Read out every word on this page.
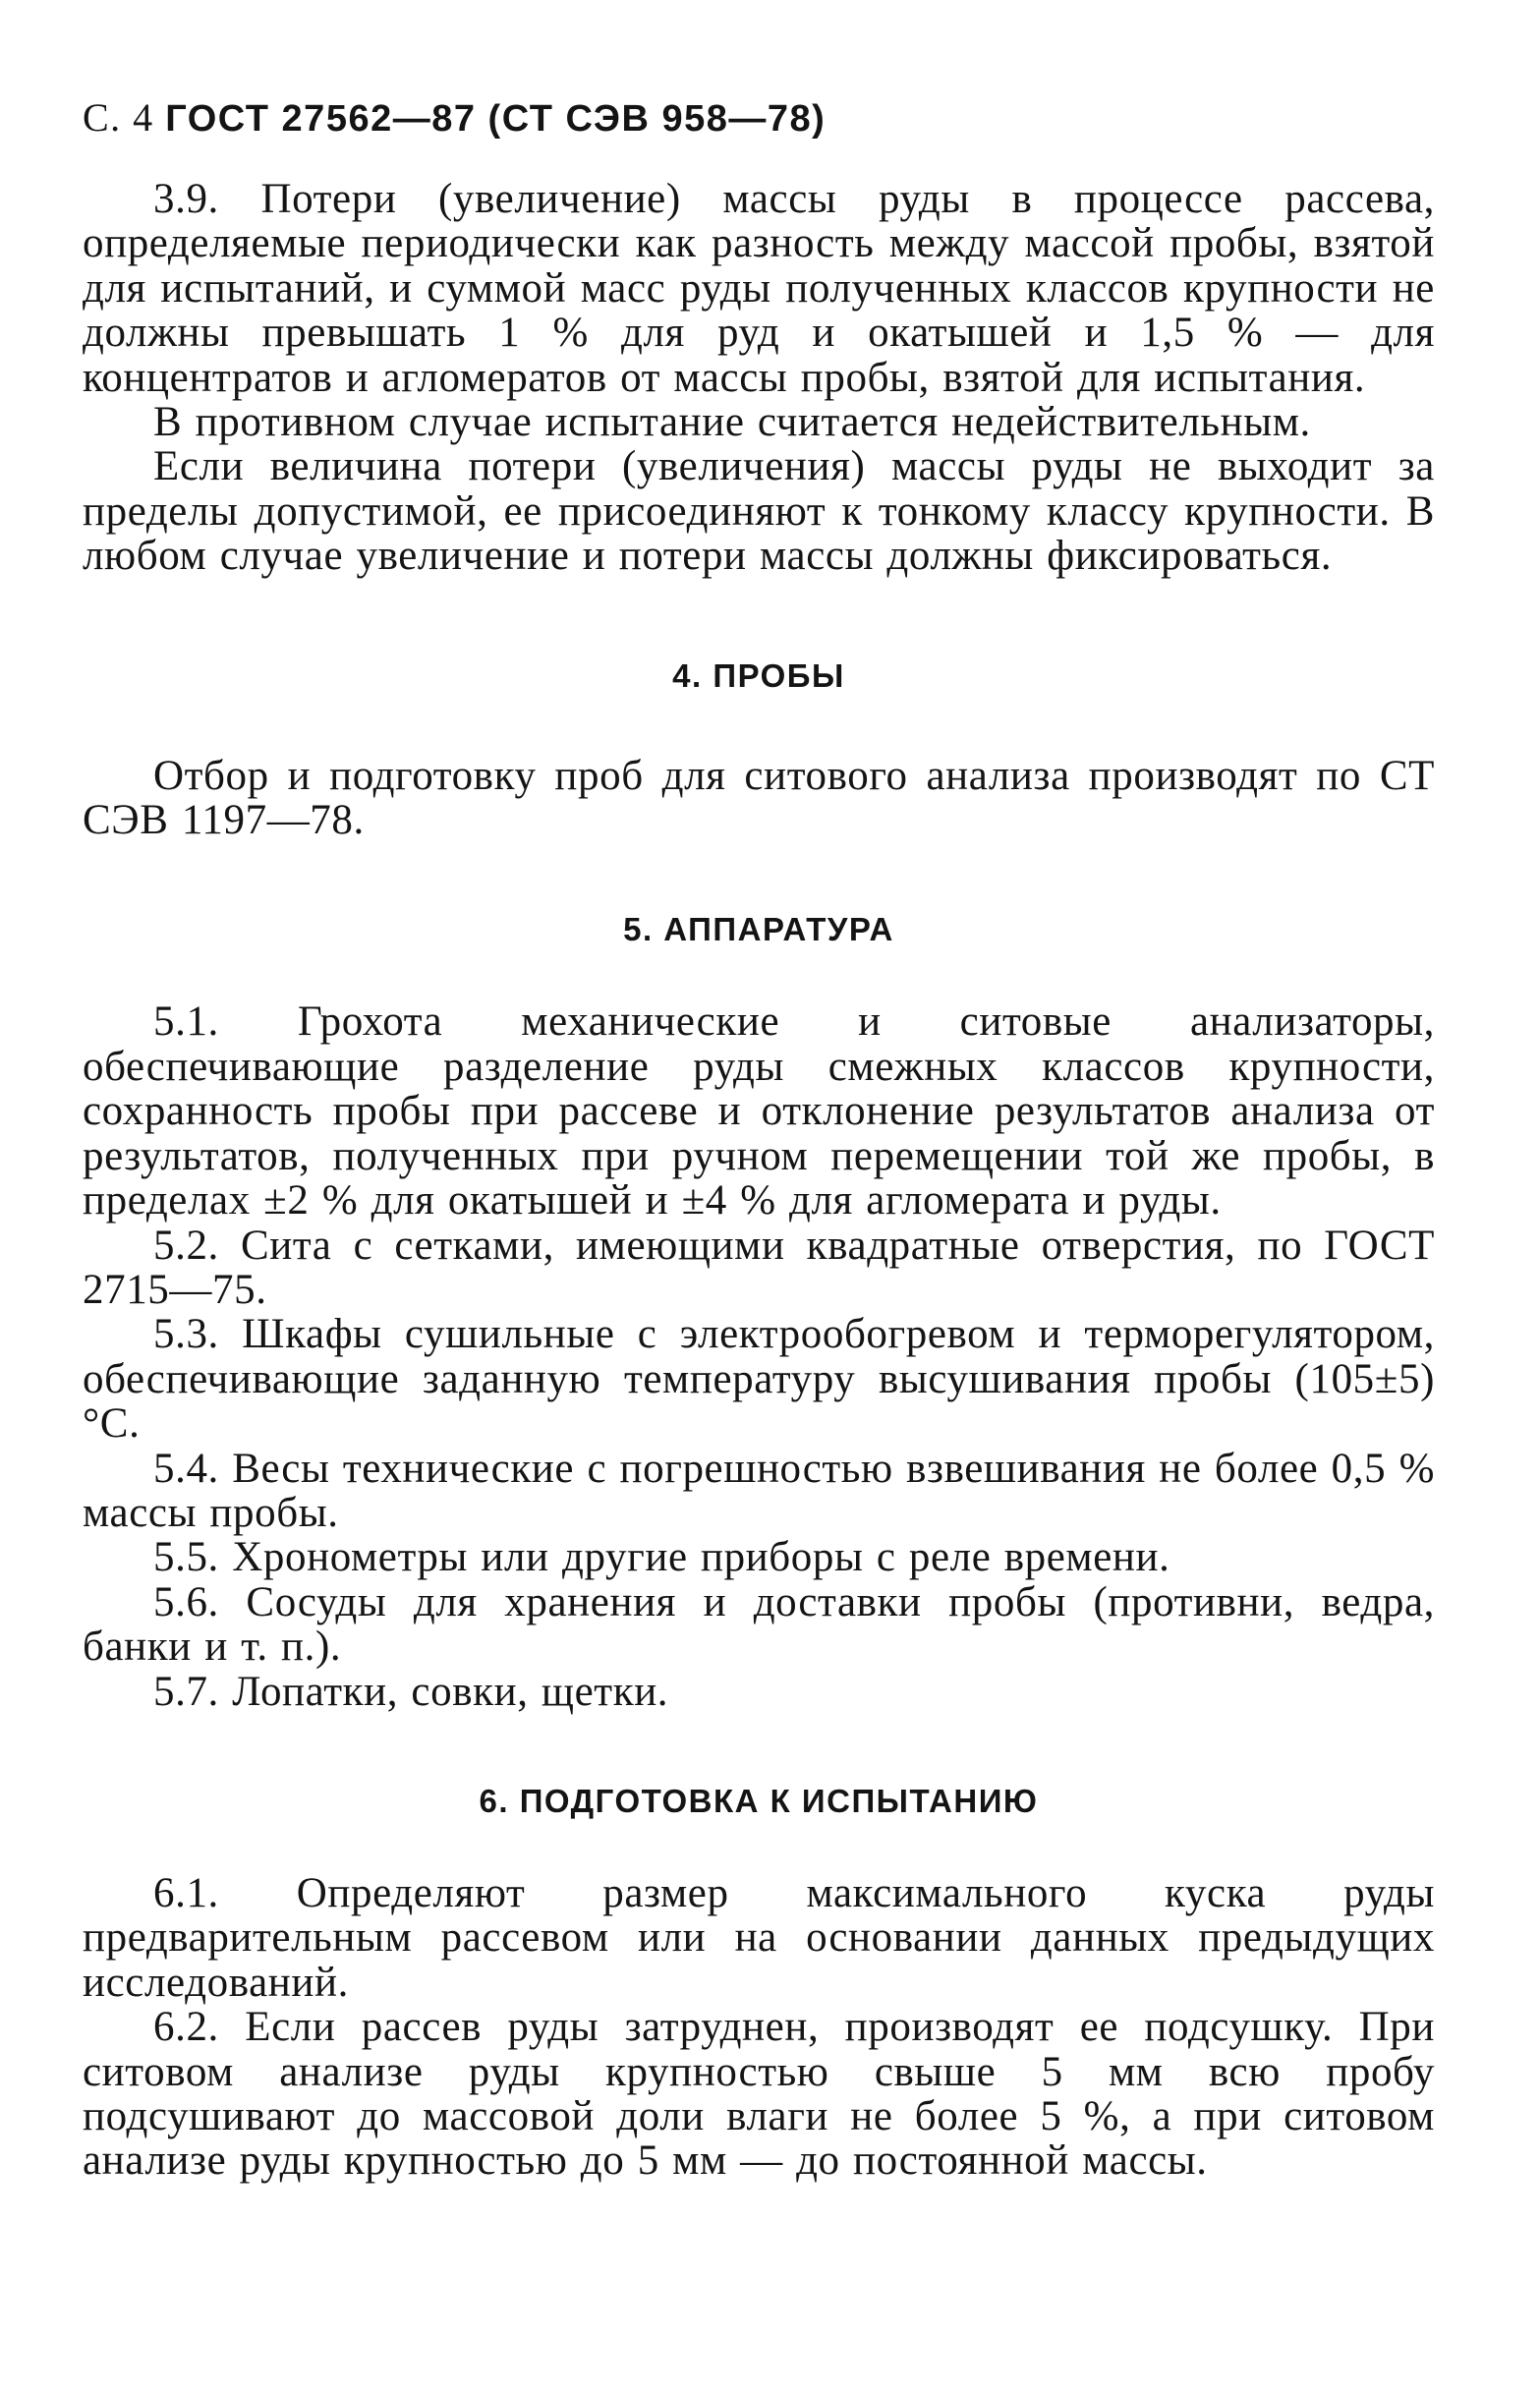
С. 4 ГОСТ 27562—87 (СТ СЭВ 958—78)

3.9. Потери (увеличение) массы руды в процессе рассева, определяемые периодически как разность между массой пробы, взятой для испытаний, и суммой масс руды полученных классов крупности не должны превышать 1 % для руд и окатышей и 1,5 % — для концентратов и агломератов от массы пробы, взятой для испытания.

В противном случае испытание считается недействительным.

Если величина потери (увеличения) массы руды не выходит за пределы допустимой, ее присоединяют к тонкому классу крупности. В любом случае увеличение и потери массы должны фиксироваться.

4. ПРОБЫ

Отбор и подготовку проб для ситового анализа производят по СТ СЭВ 1197—78.

5. АППАРАТУРА

5.1. Грохота механические и ситовые анализаторы, обеспечивающие разделение руды смежных классов крупности, сохранность пробы при рассеве и отклонение результатов анализа от результатов, полученных при ручном перемещении той же пробы, в пределах ±2 % для окатышей и ±4 % для агломерата и руды.

5.2. Сита с сетками, имеющими квадратные отверстия, по ГОСТ 2715—75.

5.3. Шкафы сушильные с электрообогревом и терморегулятором, обеспечивающие заданную температуру высушивания пробы (105±5) °С.

5.4. Весы технические с погрешностью взвешивания не более 0,5 % массы пробы.

5.5. Хронометры или другие приборы с реле времени.

5.6. Сосуды для хранения и доставки пробы (противни, ведра, банки и т. п.).

5.7. Лопатки, совки, щетки.

6. ПОДГОТОВКА К ИСПЫТАНИЮ

6.1. Определяют размер максимального куска руды предварительным рассевом или на основании данных предыдущих исследований.

6.2. Если рассев руды затруднен, производят ее подсушку. При ситовом анализе руды крупностью свыше 5 мм всю пробу подсушивают до массовой доли влаги не более 5 %, а при ситовом анализе руды крупностью до 5 мм — до постоянной массы.
